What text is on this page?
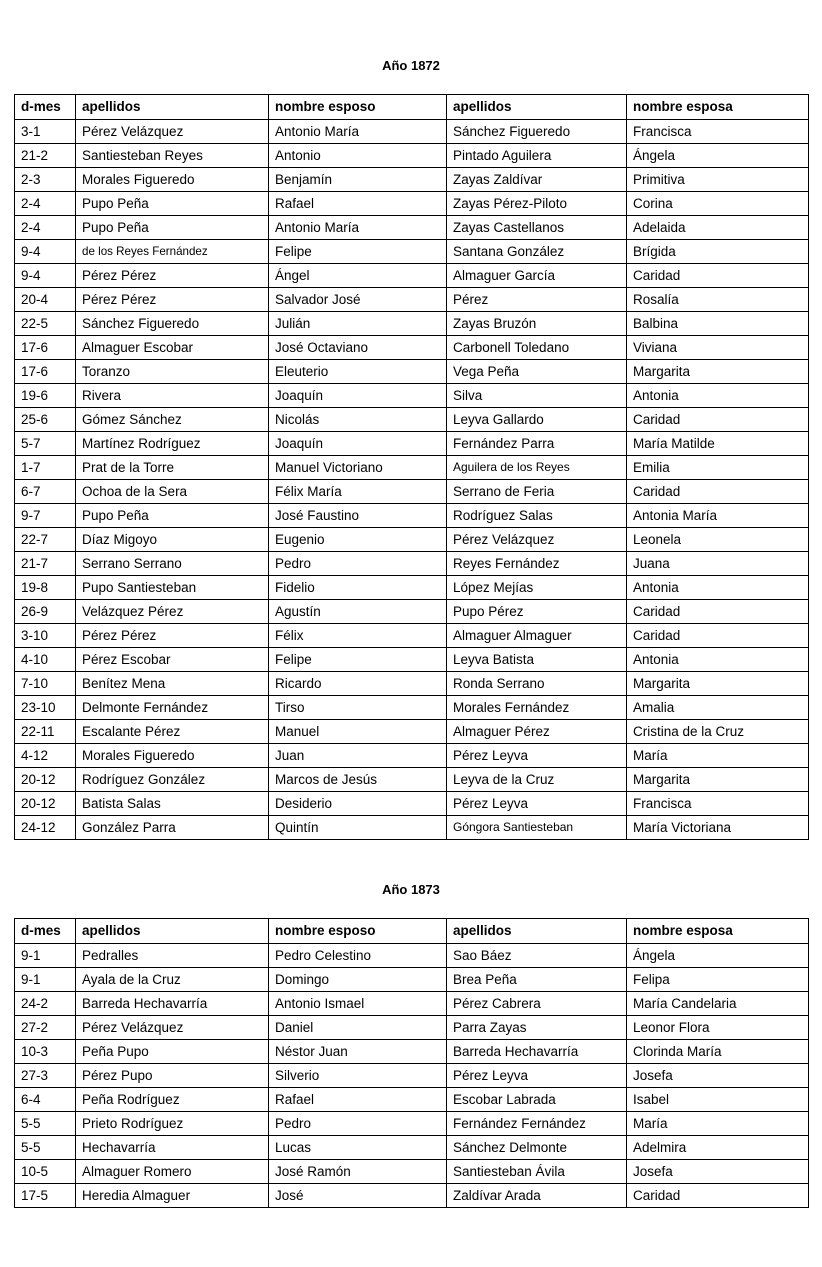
Año 1872
d-mes	apellidos	nombre esposo	apellidos	nombre esposa
3-1	Pérez Velázquez	Antonio María	Sánchez Figueredo	Francisca
21-2	Santiesteban Reyes	Antonio	Pintado Aguilera	Ángela
2-3	Morales Figueredo	Benjamín	Zayas Zaldívar	Primitiva
2-4	Pupo Peña	Rafael	Zayas Pérez-Piloto	Corina
2-4	Pupo Peña	Antonio María	Zayas Castellanos	Adelaida
9-4	de los Reyes Fernández	Felipe	Santana González	Brígida
9-4	Pérez Pérez	Ángel	Almaguer García	Caridad
20-4	Pérez Pérez	Salvador José	Pérez	Rosalía
22-5	Sánchez Figueredo	Julián	Zayas Bruzón	Balbina
17-6	Almaguer Escobar	José Octaviano	Carbonell Toledano	Viviana
17-6	Toranzo	Eleuterio	Vega Peña	Margarita
19-6	Rivera	Joaquín	Silva	Antonia
25-6	Gómez Sánchez	Nicolás	Leyva Gallardo	Caridad
5-7	Martínez Rodríguez	Joaquín	Fernández Parra	María Matilde
1-7	Prat de la Torre	Manuel Victoriano	Aguilera de los Reyes	Emilia
6-7	Ochoa de la Sera	Félix María	Serrano de Feria	Caridad
9-7	Pupo Peña	José Faustino	Rodríguez Salas	Antonia María
22-7	Díaz Migoyo	Eugenio	Pérez Velázquez	Leonela
21-7	Serrano Serrano	Pedro	Reyes Fernández	Juana
19-8	Pupo Santiesteban	Fidelio	López Mejías	Antonia
26-9	Velázquez Pérez	Agustín	Pupo Pérez	Caridad
3-10	Pérez Pérez	Félix	Almaguer Almaguer	Caridad
4-10	Pérez Escobar	Felipe	Leyva Batista	Antonia
7-10	Benítez Mena	Ricardo	Ronda Serrano	Margarita
23-10	Delmonte Fernández	Tirso	Morales Fernández	Amalia
22-11	Escalante Pérez	Manuel	Almaguer Pérez	Cristina de la Cruz
4-12	Morales Figueredo	Juan	Pérez Leyva	María
20-12	Rodríguez González	Marcos de Jesús	Leyva de la Cruz	Margarita
20-12	Batista Salas	Desiderio	Pérez Leyva	Francisca
24-12	González Parra	Quintín	Góngora Santiesteban	María Victoriana
Año 1873
d-mes	apellidos	nombre esposo	apellidos	nombre esposa
9-1	Pedralles	Pedro Celestino	Sao Báez	Ángela
9-1	Ayala de la Cruz	Domingo	Brea Peña	Felipa
24-2	Barreda Hechavarría	Antonio Ismael	Pérez Cabrera	María Candelaria
27-2	Pérez Velázquez	Daniel	Parra Zayas	Leonor Flora
10-3	Peña Pupo	Néstor Juan	Barreda Hechavarría	Clorinda María
27-3	Pérez Pupo	Silverio	Pérez Leyva	Josefa
6-4	Peña Rodríguez	Rafael	Escobar Labrada	Isabel
5-5	Prieto Rodríguez	Pedro	Fernández Fernández	María
5-5	Hechavarría	Lucas	Sánchez Delmonte	Adelmira
10-5	Almaguer Romero	José Ramón	Santiesteban Ávila	Josefa
17-5	Heredia Almaguer	José	Zaldívar Arada	Caridad
